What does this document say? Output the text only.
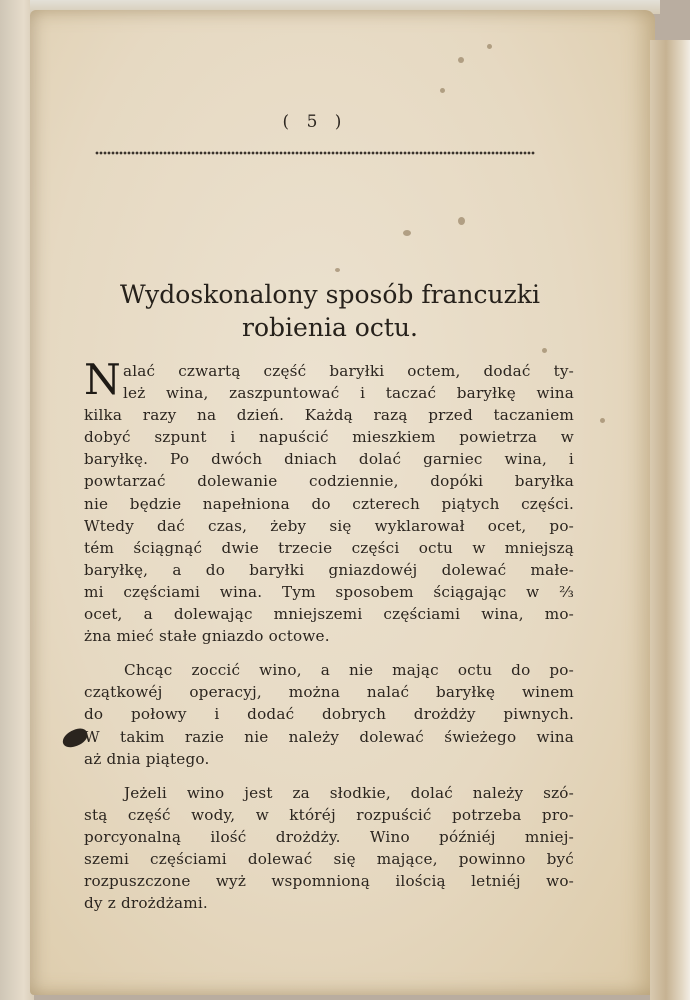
( 5 )
Wydoskonalony sposób francuzki
robienia octu.

N alać czwartą część baryłki octem, dodać ty-
leż wina, zaszpuntować i taczać baryłkę wina
kilka razy na dzień. Każdą razą przed taczaniem
dobyć szpunt i napuścić mieszkiem powietrza w
baryłkę. Po dwóch dniach dolać garniec wina, i
powtarzać dolewanie codziennie, dopóki baryłka
nie będzie napełniona do czterech piątych części.
Wtedy dać czas, żeby się wyklarował ocet, po-
tém ściągnąć dwie trzecie części octu w mniejszą
baryłkę, a do baryłki gniazdowéj dolewać małe-
mi częściami wina. Tym sposobem ściągając w ⅔
ocet, a dolewając mniejszemi częściami wina, mo-
żna mieć stałe gniazdo octowe.

Chcąc zoccić wino, a nie mając octu do po-
czątkowéj operacyj, można nalać baryłkę winem
do połowy i dodać dobrych drożdży piwnych.
W takim razie nie należy dolewać świeżego wina
aż dnia piątego.

Jeżeli wino jest za słodkie, dolać należy szó-
stą część wody, w któréj rozpuścić potrzeba pro-
porcyonalną ilość drożdży. Wino późniéj mniej-
szemi częściami dolewać się mające, powinno być
rozpuszczone wyż wspomnioną ilością letniéj wo-
dy z drożdżami.
